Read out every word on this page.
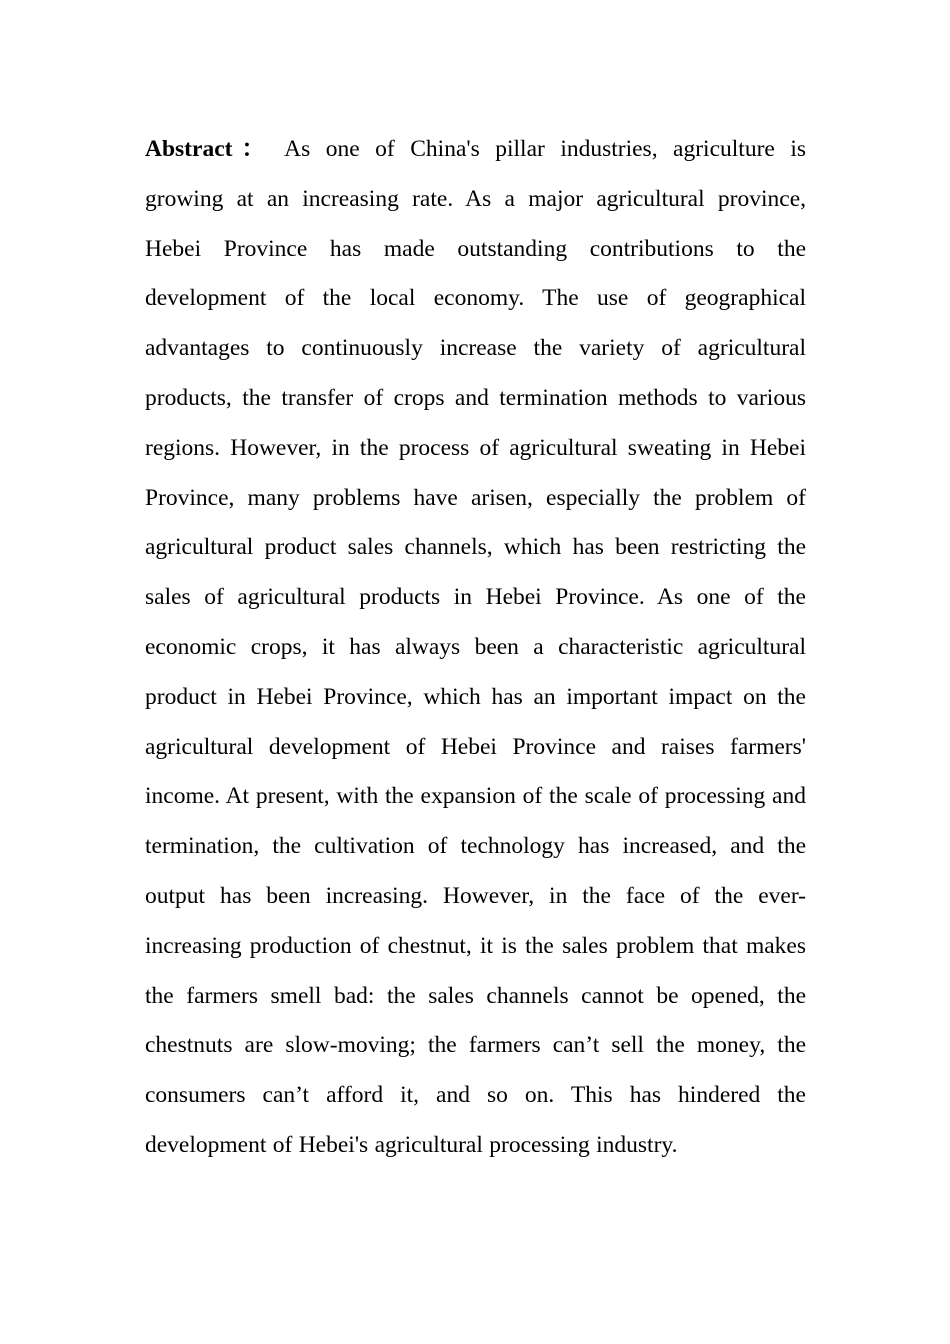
Abstract： As one of China's pillar industries, agriculture is growing at an increasing rate. As a major agricultural province, Hebei Province has made outstanding contributions to the development of the local economy. The use of geographical advantages to continuously increase the variety of agricultural products, the transfer of crops and termination methods to various regions. However, in the process of agricultural sweating in Hebei Province, many problems have arisen, especially the problem of agricultural product sales channels, which has been restricting the sales of agricultural products in Hebei Province. As one of the economic crops, it has always been a characteristic agricultural product in Hebei Province, which has an important impact on the agricultural development of Hebei Province and raises farmers' income. At present, with the expansion of the scale of processing and termination, the cultivation of technology has increased, and the output has been increasing. However, in the face of the ever-increasing production of chestnut, it is the sales problem that makes the farmers smell bad: the sales channels cannot be opened, the chestnuts are slow-moving; the farmers can’t sell the money, the consumers can’t afford it, and so on. This has hindered the development of Hebei's agricultural processing industry.
